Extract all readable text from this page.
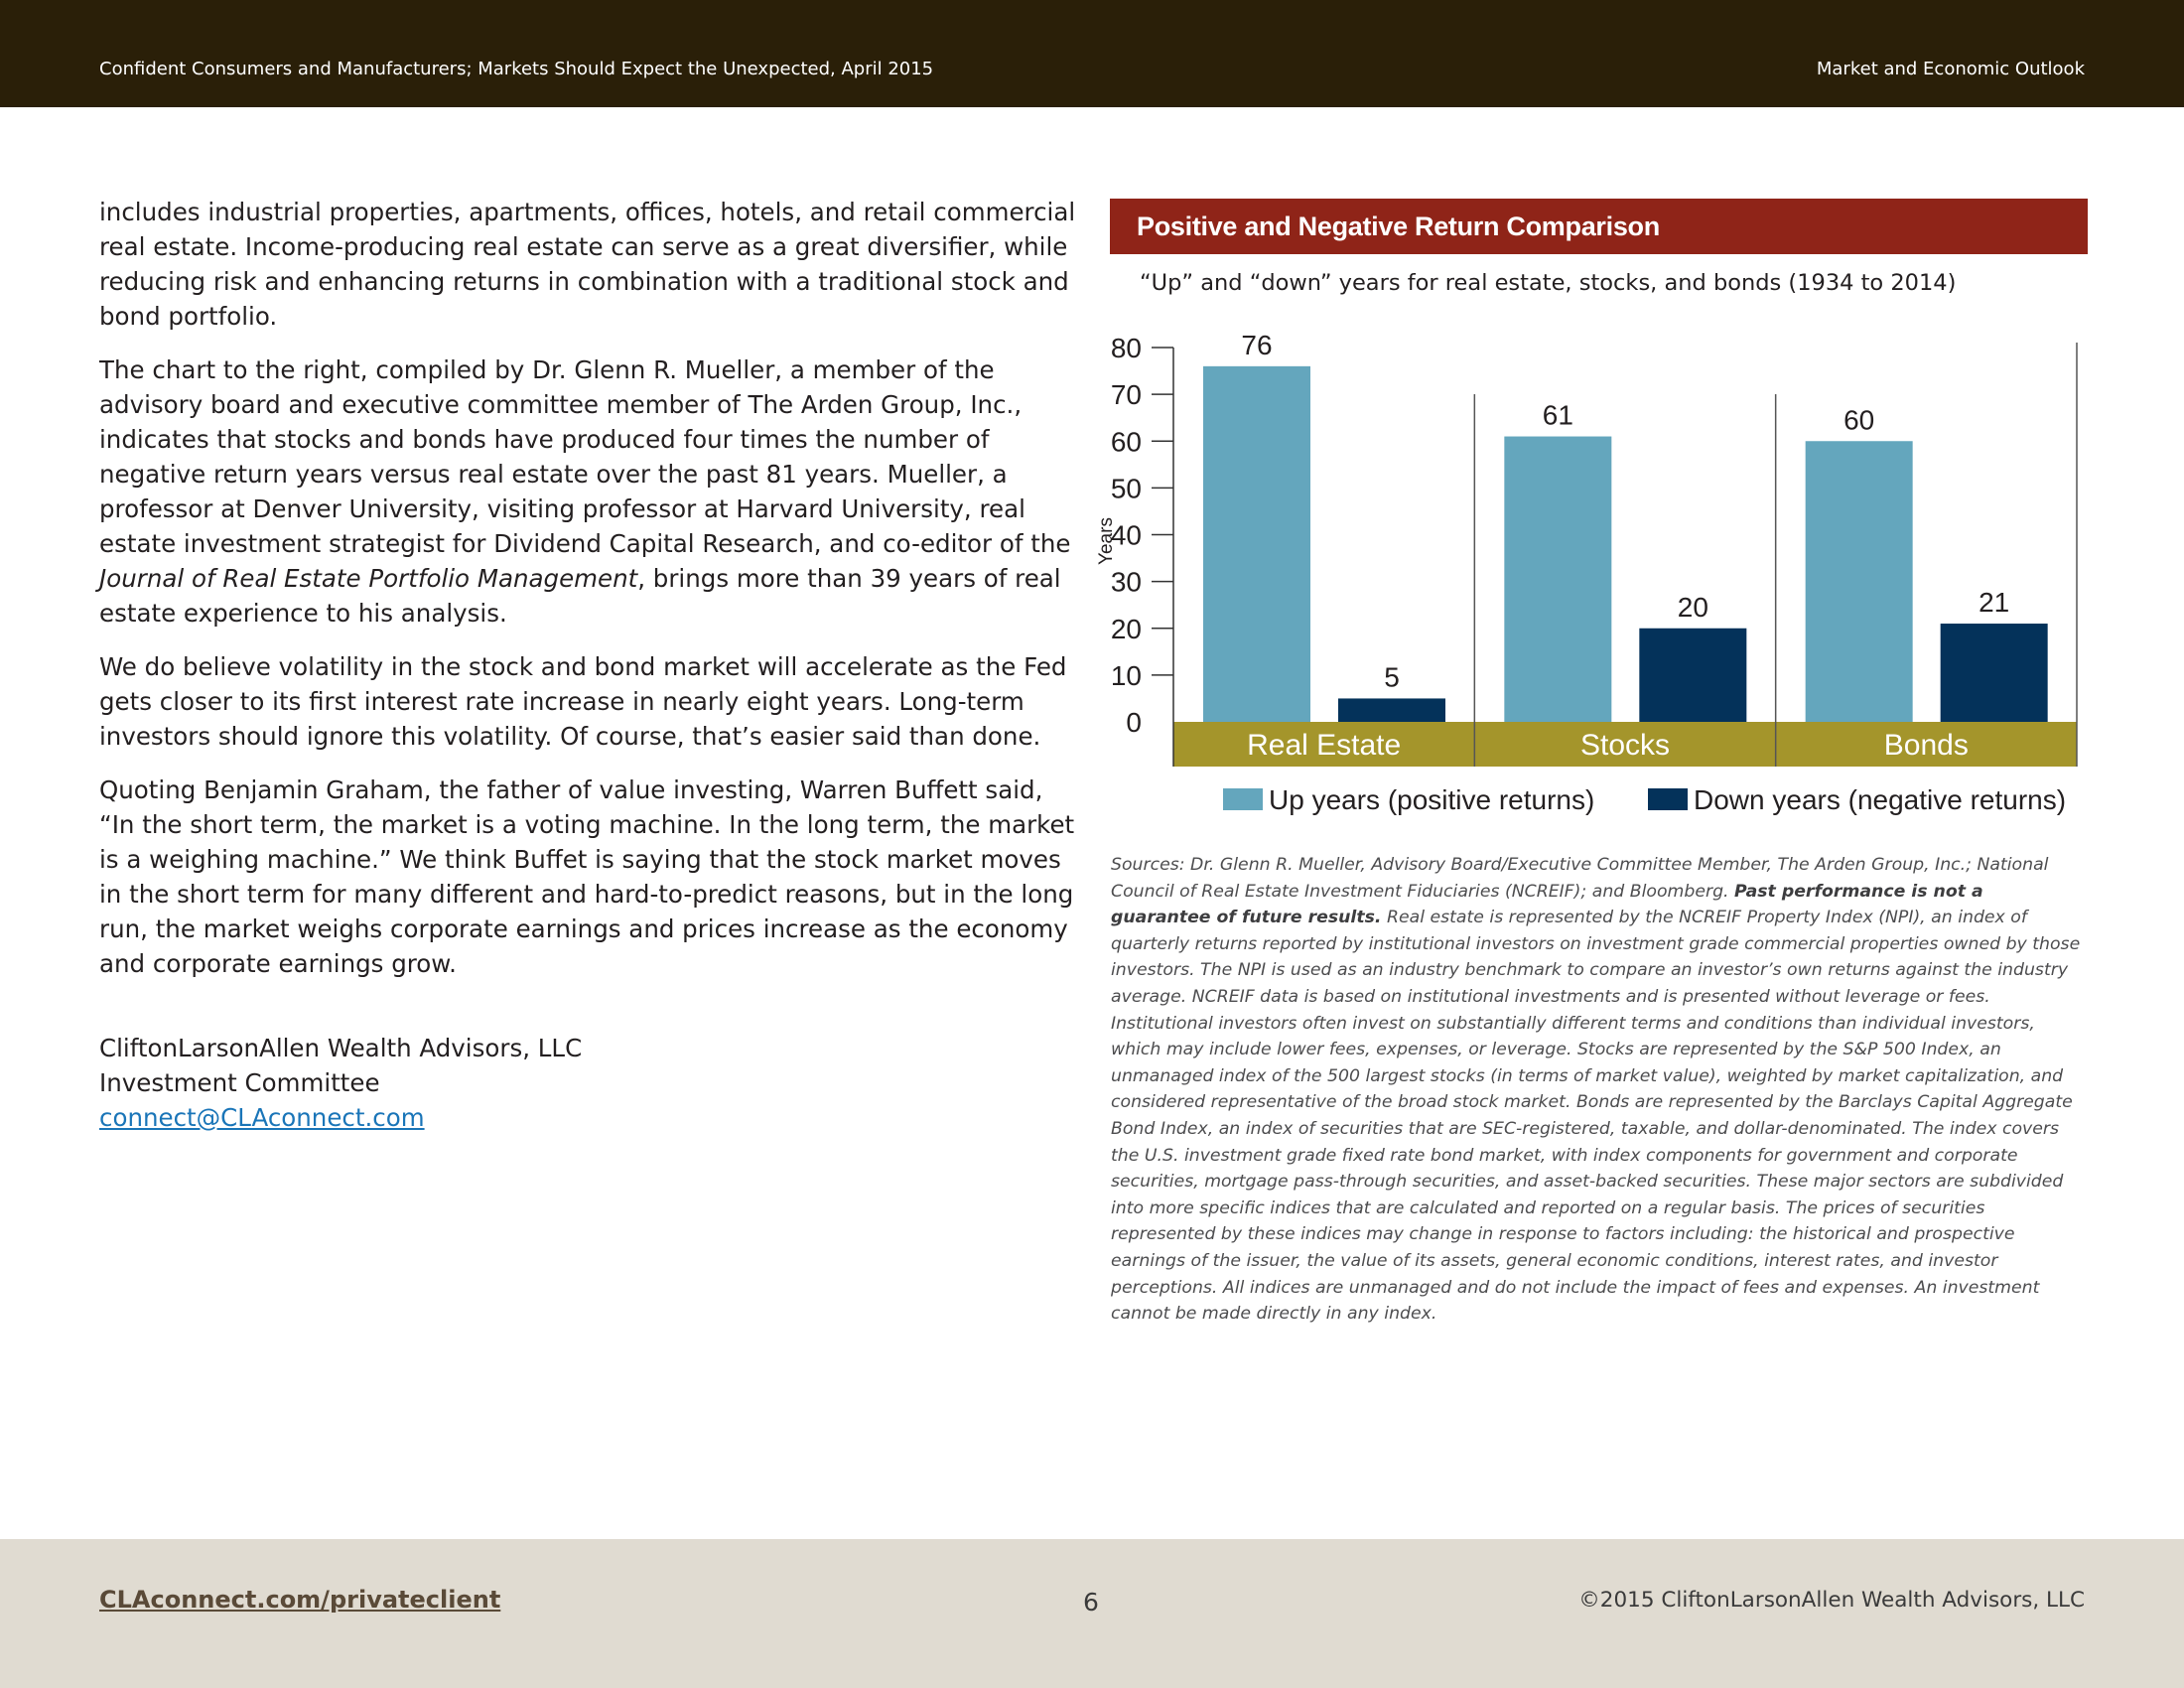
Confident Consumers and Manufacturers; Markets Should Expect the Unexpected, April 2015	Market and Economic Outlook

includes industrial properties, apartments, offices, hotels, and retail commercial real estate. Income-producing real estate can serve as a great diversifier, while reducing risk and enhancing returns in combination with a traditional stock and bond portfolio.

The chart to the right, compiled by Dr. Glenn R. Mueller, a member of the advisory board and executive committee member of The Arden Group, Inc., indicates that stocks and bonds have produced four times the number of negative return years versus real estate over the past 81 years. Mueller, a professor at Denver University, visiting professor at Harvard University, real estate investment strategist for Dividend Capital Research, and co-editor of the Journal of Real Estate Portfolio Management, brings more than 39 years of real estate experience to his analysis.

We do believe volatility in the stock and bond market will accelerate as the Fed gets closer to its first interest rate increase in nearly eight years. Long-term investors should ignore this volatility. Of course, that’s easier said than done.

Quoting Benjamin Graham, the father of value investing, Warren Buffett said, “In the short term, the market is a voting machine. In the long term, the market is a weighing machine.” We think Buffet is saying that the stock market moves in the short term for many different and hard-to-predict reasons, but in the long run, the market weighs corporate earnings and prices increase as the economy and corporate earnings grow.

CliftonLarsonAllen Wealth Advisors, LLC
Investment Committee
connect@CLAconnect.com
Positive and Negative Return Comparison
“Up” and “down” years for real estate, stocks, and bonds (1934 to 2014)
0
10
20
30
40
50
60
70
80
Years
76
5
Real Estate
61
20
Stocks
60
21
Bonds
Up years (positive returns)	Down years (negative returns)
Sources: Dr. Glenn R. Mueller, Advisory Board/Executive Committee Member, The Arden Group, Inc.; National Council of Real Estate Investment Fiduciaries (NCREIF); and Bloomberg. Past performance is not a guarantee of future results. Real estate is represented by the NCREIF Property Index (NPI), an index of quarterly returns reported by institutional investors on investment grade commercial properties owned by those investors. The NPI is used as an industry benchmark to compare an investor’s own returns against the industry average. NCREIF data is based on institutional investments and is presented without leverage or fees. Institutional investors often invest on substantially different terms and conditions than individual investors, which may include lower fees, expenses, or leverage. Stocks are represented by the S&P 500 Index, an unmanaged index of the 500 largest stocks (in terms of market value), weighted by market capitalization, and considered representative of the broad stock market. Bonds are represented by the Barclays Capital Aggregate Bond Index, an index of securities that are SEC-registered, taxable, and dollar-denominated. The index covers the U.S. investment grade fixed rate bond market, with index components for government and corporate securities, mortgage pass-through securities, and asset-backed securities. These major sectors are subdivided into more specific indices that are calculated and reported on a regular basis. The prices of securities represented by these indices may change in response to factors including: the historical and prospective earnings of the issuer, the value of its assets, general economic conditions, interest rates, and investor perceptions. All indices are unmanaged and do not include the impact of fees and expenses. An investment cannot be made directly in any index.
CLAconnect.com/privateclient	6	©2015 CliftonLarsonAllen Wealth Advisors, LLC
